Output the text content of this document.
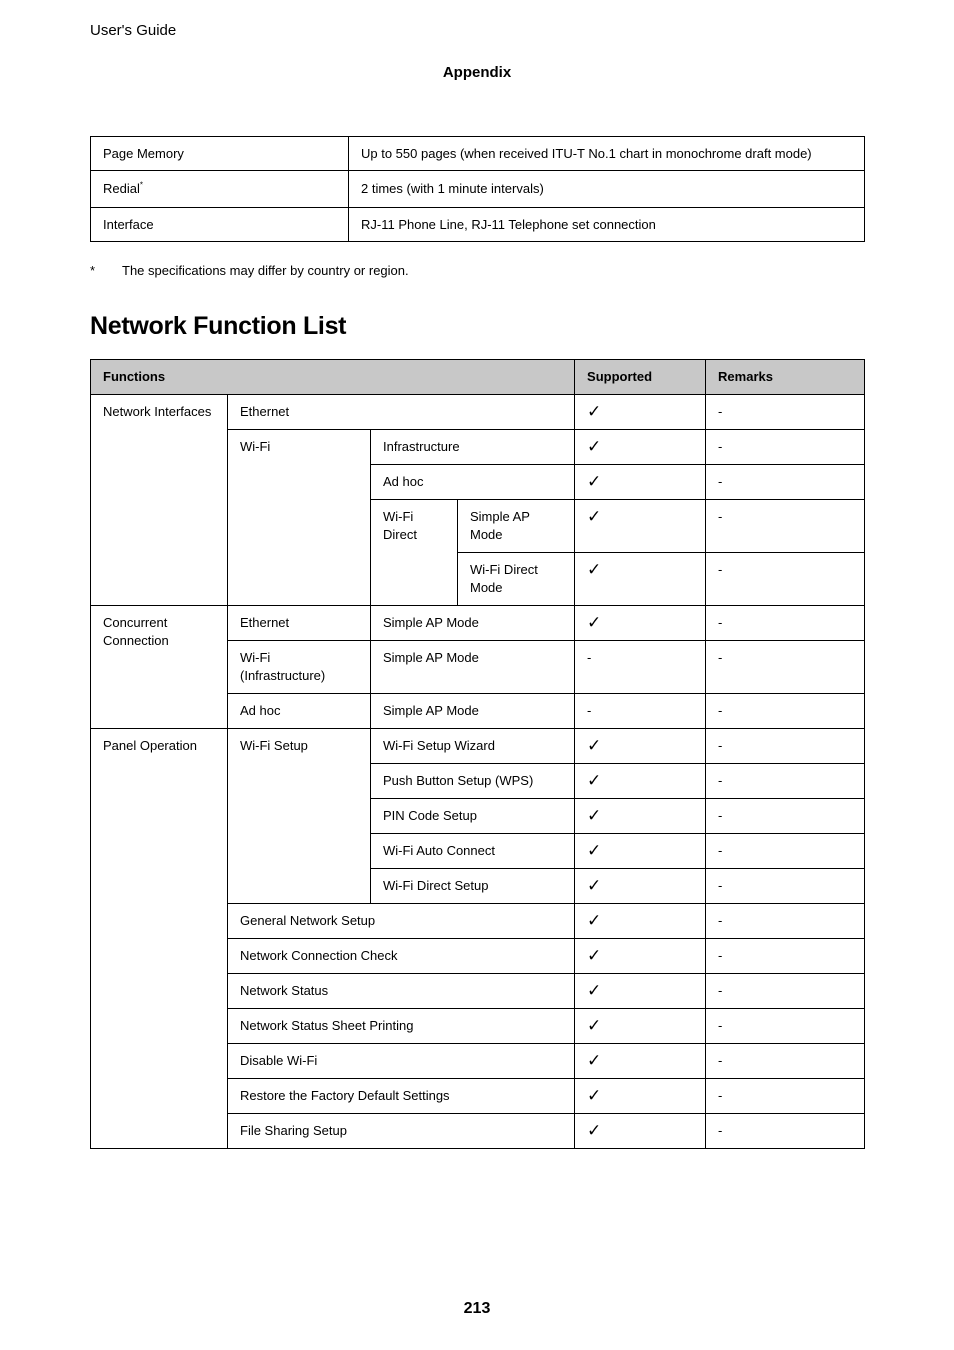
User's Guide
Appendix
Page Memory	Up to 550 pages (when received ITU-T No.1 chart in monochrome draft mode)
Redial*	2 times (with 1 minute intervals)
Interface	RJ-11 Phone Line, RJ-11 Telephone set connection
* The specifications may differ by country or region.
Network Function List
Functions				Supported	Remarks
Network Interfaces	Ethernet			✓	-
	Wi-Fi	Infrastructure		✓	-
		Ad hoc		✓	-
		Wi-Fi Direct	Simple AP Mode	✓	-
			Wi-Fi Direct Mode	✓	-
Concurrent Connection	Ethernet	Simple AP Mode		✓	-
	Wi-Fi (Infrastructure)	Simple AP Mode		-	-
	Ad hoc	Simple AP Mode		-	-
Panel Operation	Wi-Fi Setup	Wi-Fi Setup Wizard		✓	-
		Push Button Setup (WPS)		✓	-
		PIN Code Setup		✓	-
		Wi-Fi Auto Connect		✓	-
		Wi-Fi Direct Setup		✓	-
	General Network Setup			✓	-
	Network Connection Check			✓	-
	Network Status			✓	-
	Network Status Sheet Printing			✓	-
	Disable Wi-Fi			✓	-
	Restore the Factory Default Settings			✓	-
	File Sharing Setup			✓	-
213
